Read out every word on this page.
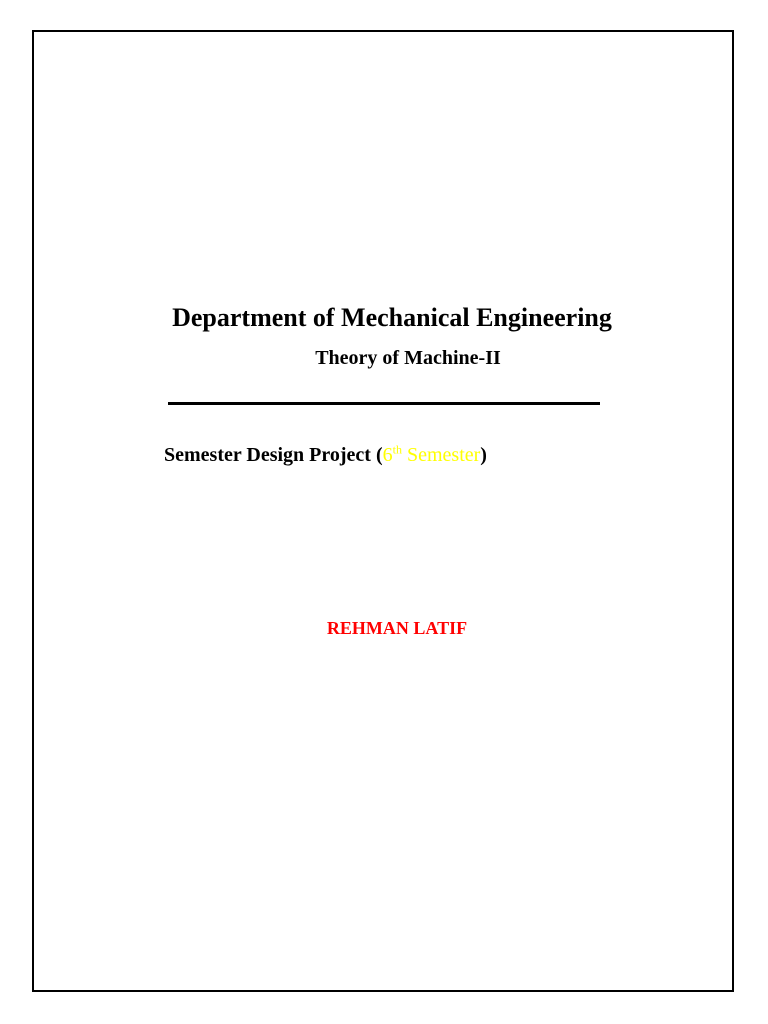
Department of Mechanical Engineering
Theory of Machine-II
Semester Design Project (6th Semester)
REHMAN LATIF
